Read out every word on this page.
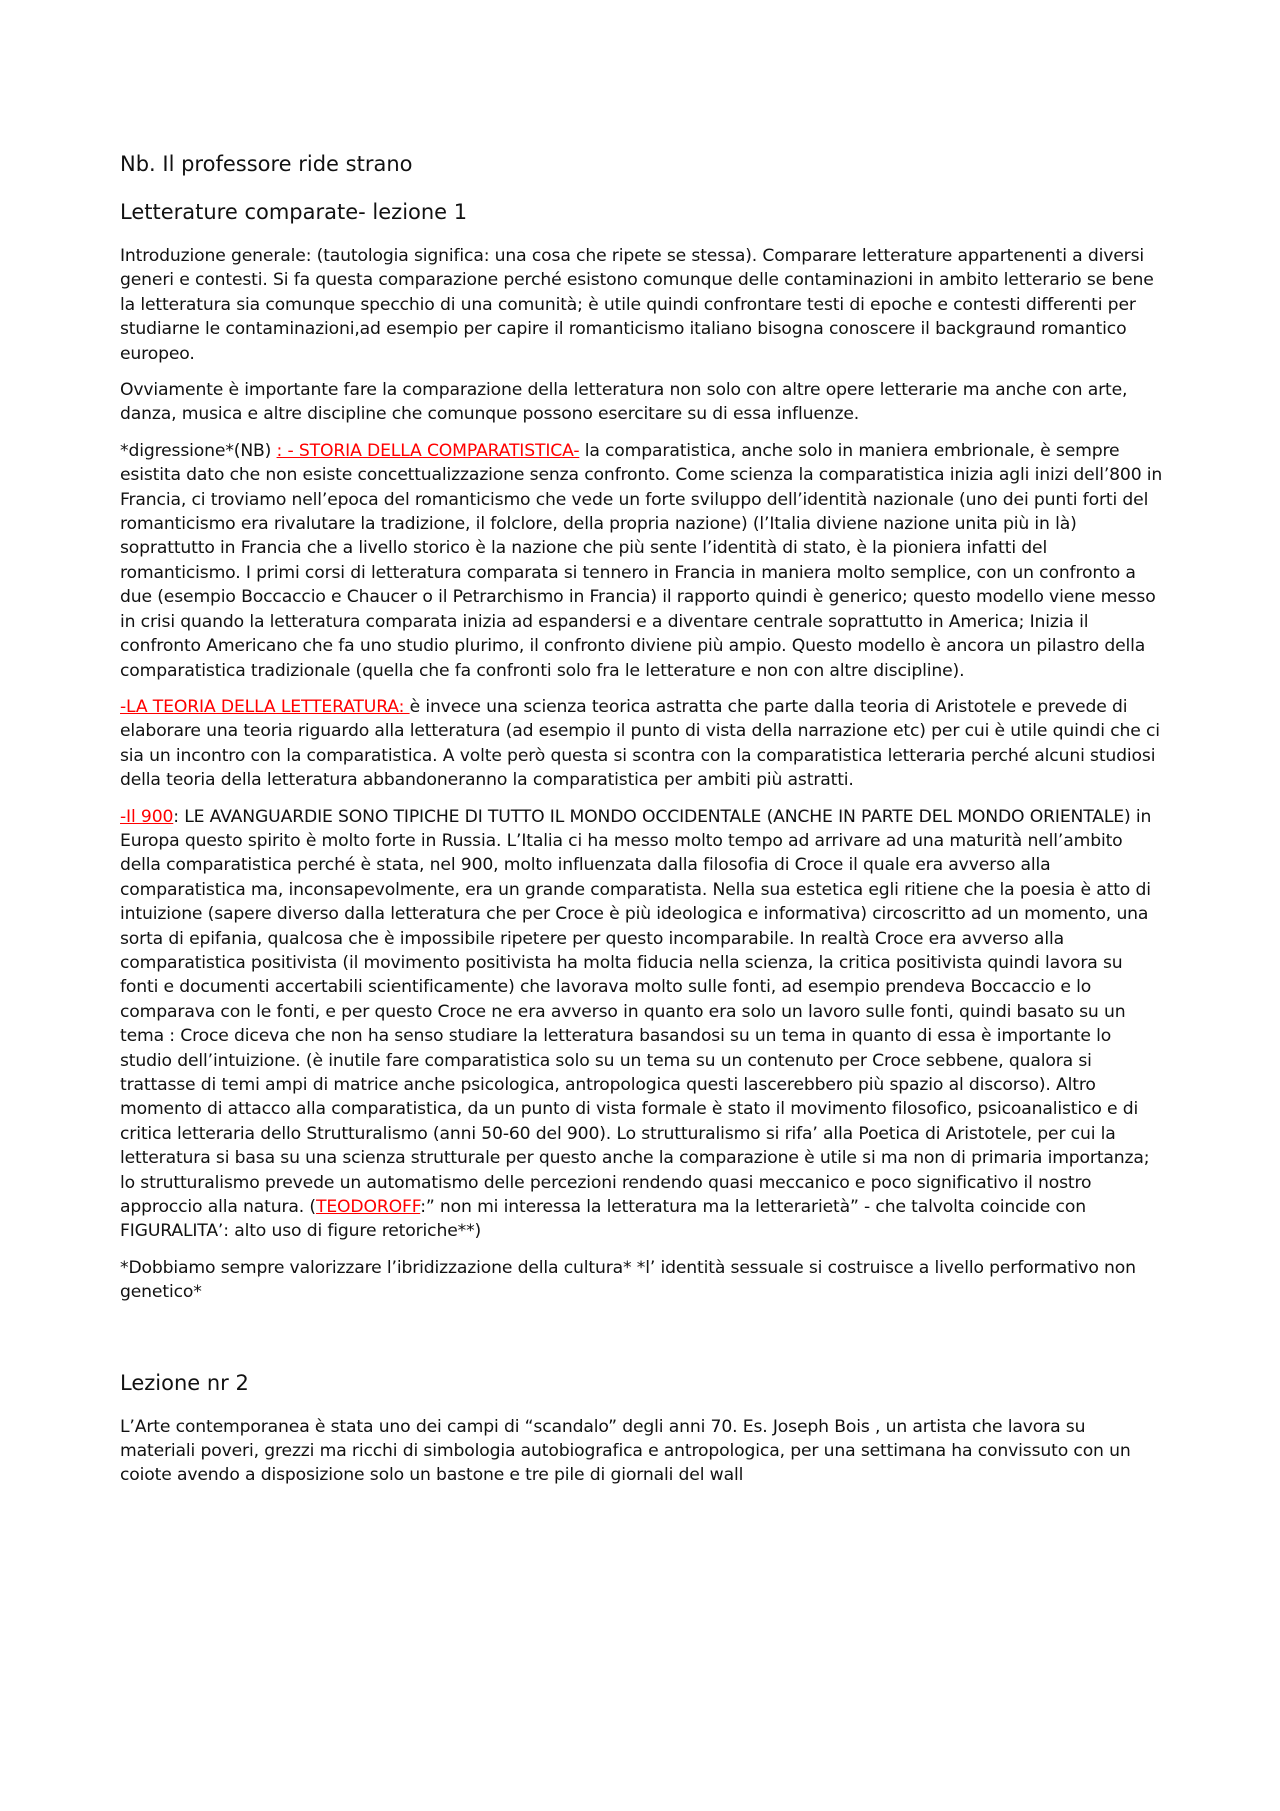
Nb. Il professore ride strano
Letterature comparate- lezione 1

Introduzione generale: (tautologia significa: una cosa che ripete se stessa). Comparare letterature appartenenti a diversi generi e contesti. Si fa questa comparazione perché esistono comunque delle contaminazioni in ambito letterario se bene la letteratura sia comunque specchio di una comunità; è utile quindi confrontare testi di epoche e contesti differenti per studiarne le contaminazioni,ad esempio per capire il romanticismo italiano bisogna conoscere il backgraund romantico europeo.

Ovviamente è importante fare la comparazione della letteratura non solo con altre opere letterarie ma anche con arte, danza, musica e altre discipline che comunque possono esercitare su di essa influenze.

*digressione*(NB) : - STORIA DELLA COMPARATISTICA- la comparatistica, anche solo in maniera embrionale, è sempre esistita dato che non esiste concettualizzazione senza confronto. Come scienza la comparatistica inizia agli inizi dell’800 in Francia, ci troviamo nell’epoca del romanticismo che vede un forte sviluppo dell’identità nazionale (uno dei punti forti del romanticismo era rivalutare la tradizione, il folclore, della propria nazione) (l’Italia diviene nazione unita più in là) soprattutto in Francia che a livello storico è la nazione che più sente l’identità di stato, è la pioniera infatti del romanticismo. I primi corsi di letteratura comparata si tennero in Francia in maniera molto semplice, con un confronto a due (esempio Boccaccio e Chaucer o il Petrarchismo in Francia) il rapporto quindi è generico; questo modello viene messo in crisi quando la letteratura comparata inizia ad espandersi e a diventare centrale soprattutto in America; Inizia il confronto Americano che fa uno studio plurimo, il confronto diviene più ampio. Questo modello è ancora un pilastro della comparatistica tradizionale (quella che fa confronti solo fra le letterature e non con altre discipline).

-LA TEORIA DELLA LETTERATURA: è invece una scienza teorica astratta che parte dalla teoria di Aristotele e prevede di elaborare una teoria riguardo alla letteratura (ad esempio il punto di vista della narrazione etc) per cui è utile quindi che ci sia un incontro con la comparatistica. A volte però questa si scontra con la comparatistica letteraria perché alcuni studiosi della teoria della letteratura abbandoneranno la comparatistica per ambiti più astratti.

-Il 900: LE AVANGUARDIE SONO TIPICHE DI TUTTO IL MONDO OCCIDENTALE (ANCHE IN PARTE DEL MONDO ORIENTALE) in Europa questo spirito è molto forte in Russia. L’Italia ci ha messo molto tempo ad arrivare ad una maturità nell’ambito della comparatistica perché è stata, nel 900, molto influenzata dalla filosofia di Croce il quale era avverso alla comparatistica ma, inconsapevolmente, era un grande comparatista. Nella sua estetica egli ritiene che la poesia è atto di intuizione (sapere diverso dalla letteratura che per Croce è più ideologica e informativa) circoscritto ad un momento, una sorta di epifania, qualcosa che è impossibile ripetere per questo incomparabile. In realtà Croce era avverso alla comparatistica positivista (il movimento positivista ha molta fiducia nella scienza, la critica positivista quindi lavora su fonti e documenti accertabili scientificamente) che lavorava molto sulle fonti, ad esempio prendeva Boccaccio e lo comparava con le fonti, e per questo Croce ne era avverso in quanto era solo un lavoro sulle fonti, quindi basato su un tema : Croce diceva che non ha senso studiare la letteratura basandosi su un tema in quanto di essa è importante lo studio dell’intuizione. (è inutile fare comparatistica solo su un tema su un contenuto per Croce sebbene, qualora si trattasse di temi ampi di matrice anche psicologica, antropologica questi lascerebbero più spazio al discorso). Altro momento di attacco alla comparatistica, da un punto di vista formale è stato il movimento filosofico, psicoanalistico e di critica letteraria dello Strutturalismo (anni 50-60 del 900). Lo strutturalismo si rifa’ alla Poetica di Aristotele, per cui la letteratura si basa su una scienza strutturale per questo anche la comparazione è utile si ma non di primaria importanza; lo strutturalismo prevede un automatismo delle percezioni rendendo quasi meccanico e poco significativo il nostro approccio alla natura. (TEODOROFF:” non mi interessa la letteratura ma la letterarietà” - che talvolta coincide con FIGURALITA’: alto uso di figure retoriche**)

*Dobbiamo sempre valorizzare l’ibridizzazione della cultura* *l’ identità sessuale si costruisce a livello performativo non genetico*

Lezione nr 2

L’Arte contemporanea è stata uno dei campi di “scandalo” degli anni 70. Es. Joseph Bois , un artista che lavora su materiali poveri, grezzi ma ricchi di simbologia autobiografica e antropologica, per una settimana ha convissuto con un coiote avendo a disposizione solo un bastone e tre pile di giornali del wall
